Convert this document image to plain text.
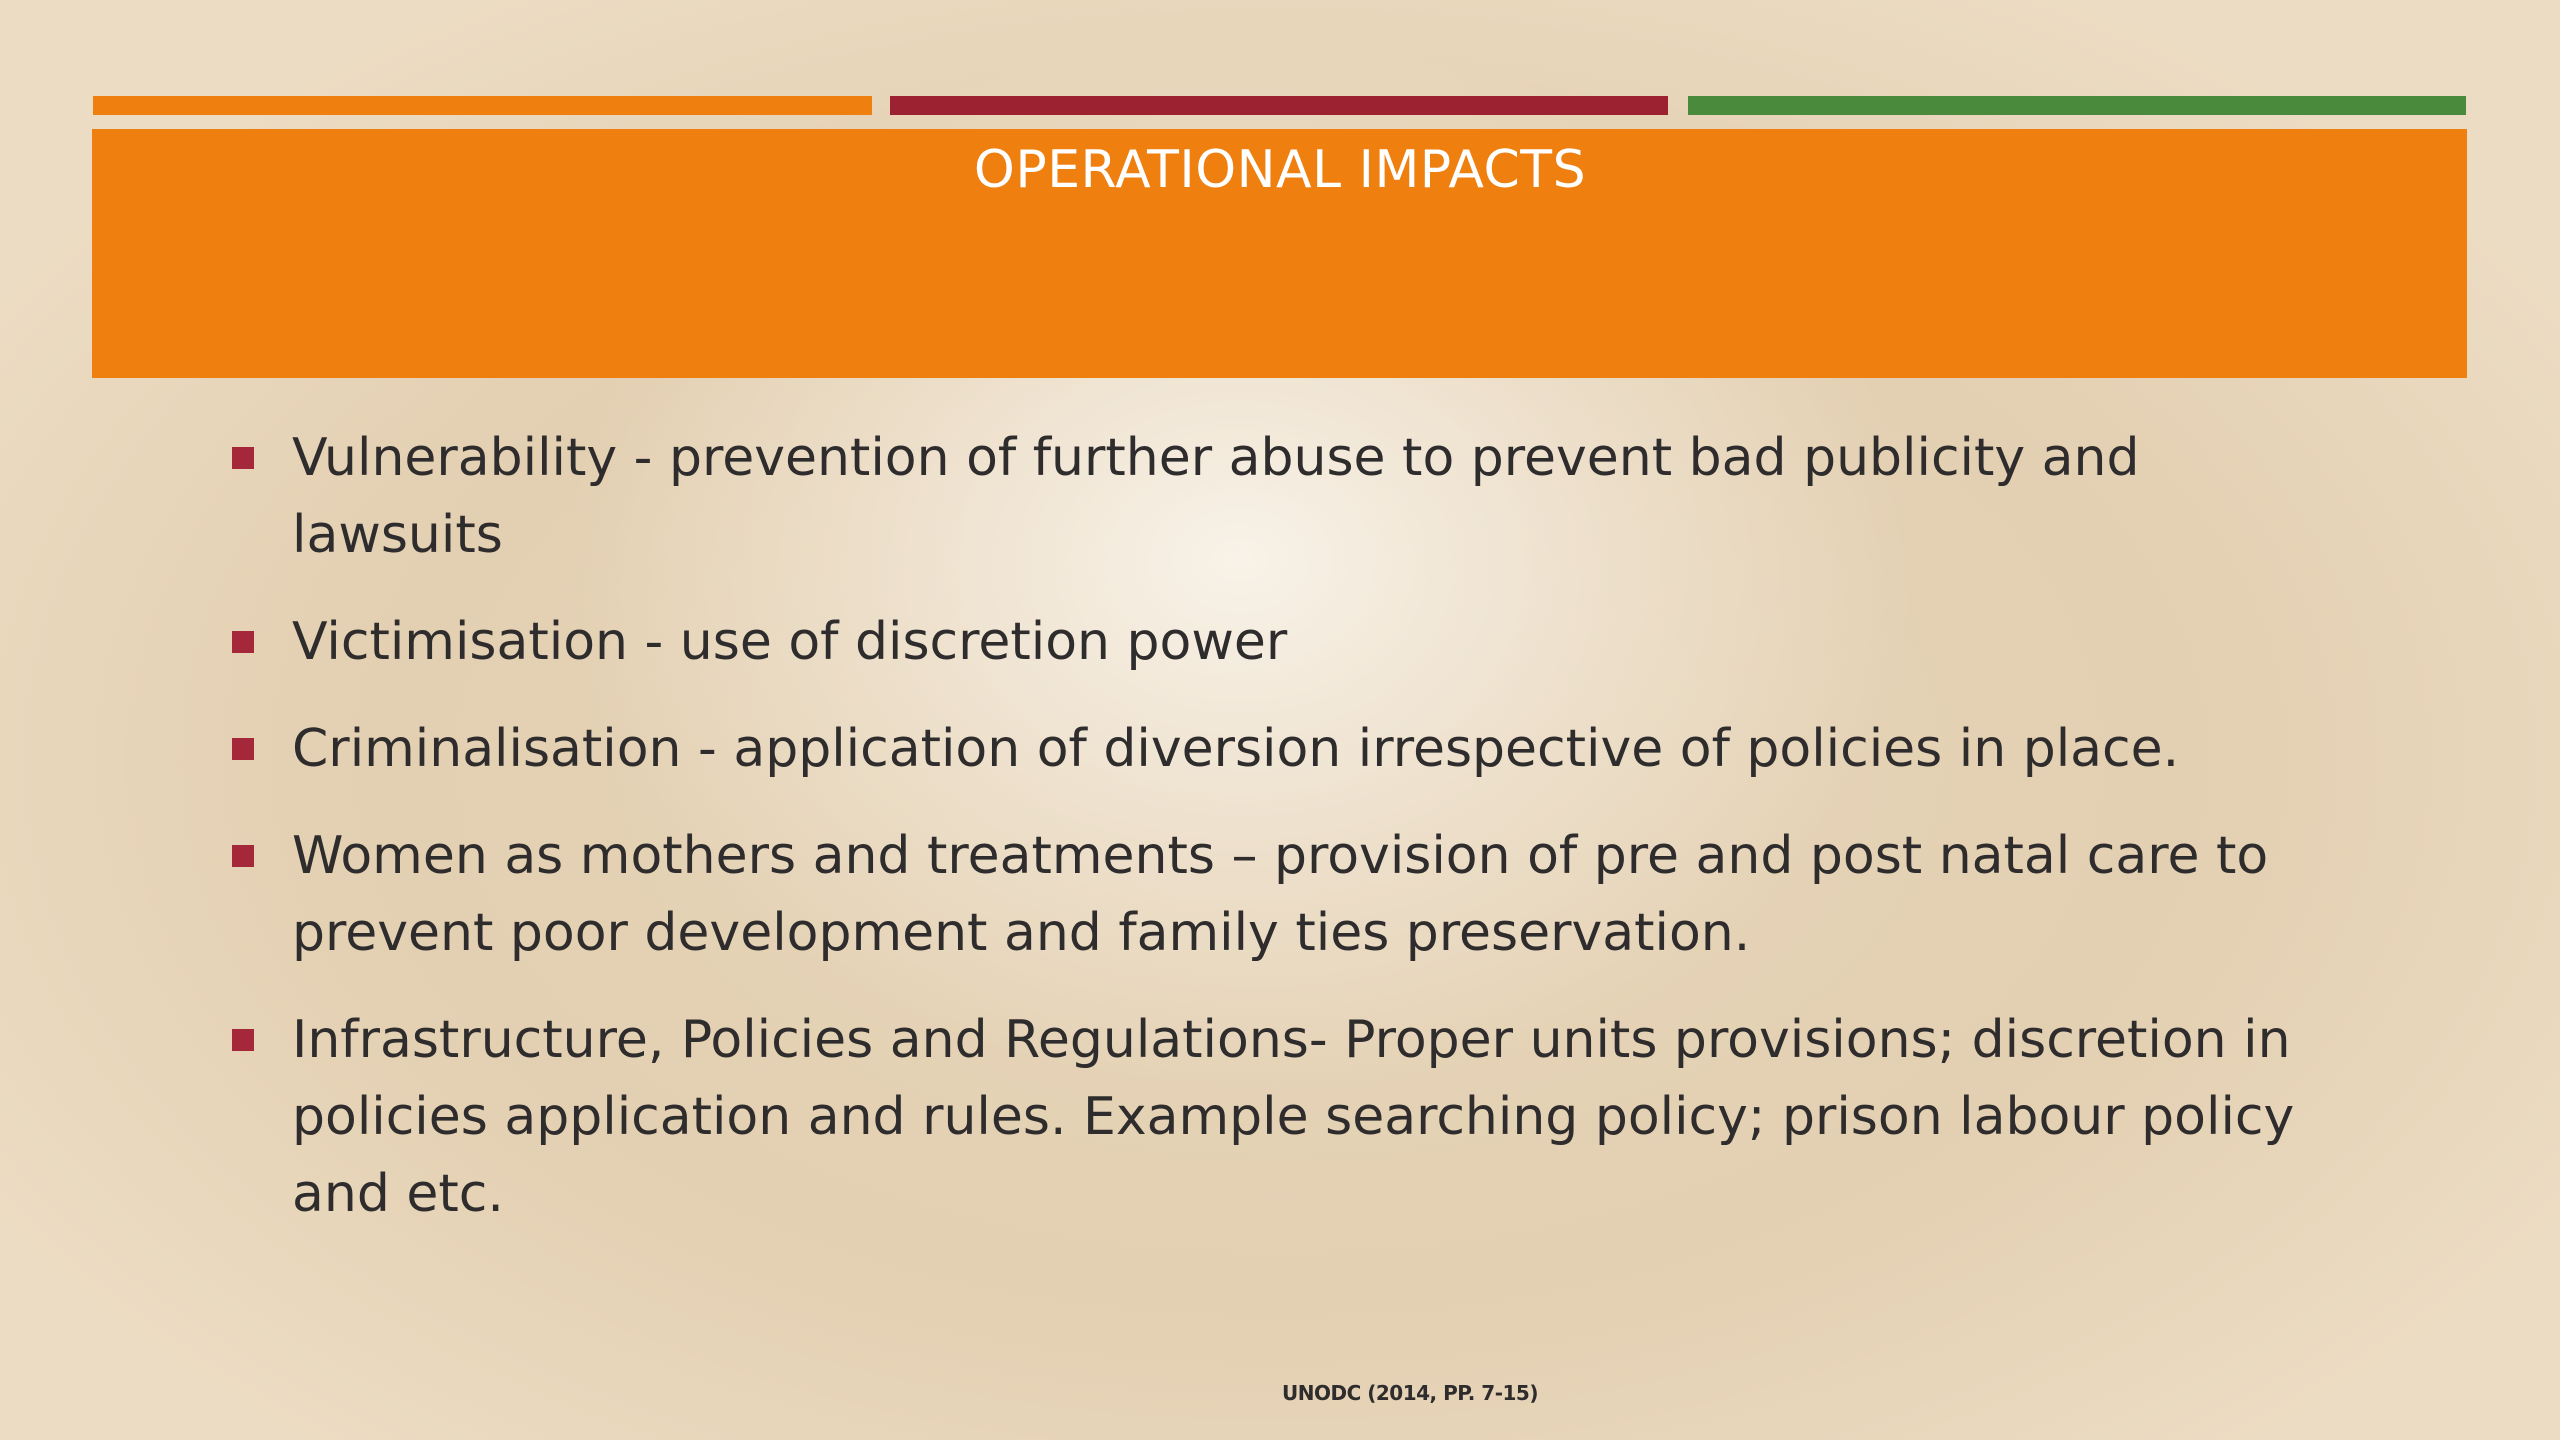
OPERATIONAL IMPACTS
Vulnerability - prevention of further abuse to prevent bad publicity and lawsuits
Victimisation - use of discretion power
Criminalisation - application of diversion irrespective of policies in place.
Women as mothers and treatments – provision of pre and post natal care to prevent poor development and family ties preservation.
Infrastructure, Policies and Regulations- Proper units provisions; discretion in policies application and rules. Example searching policy; prison labour policy and etc.
UNODC (2014, PP. 7-15)
